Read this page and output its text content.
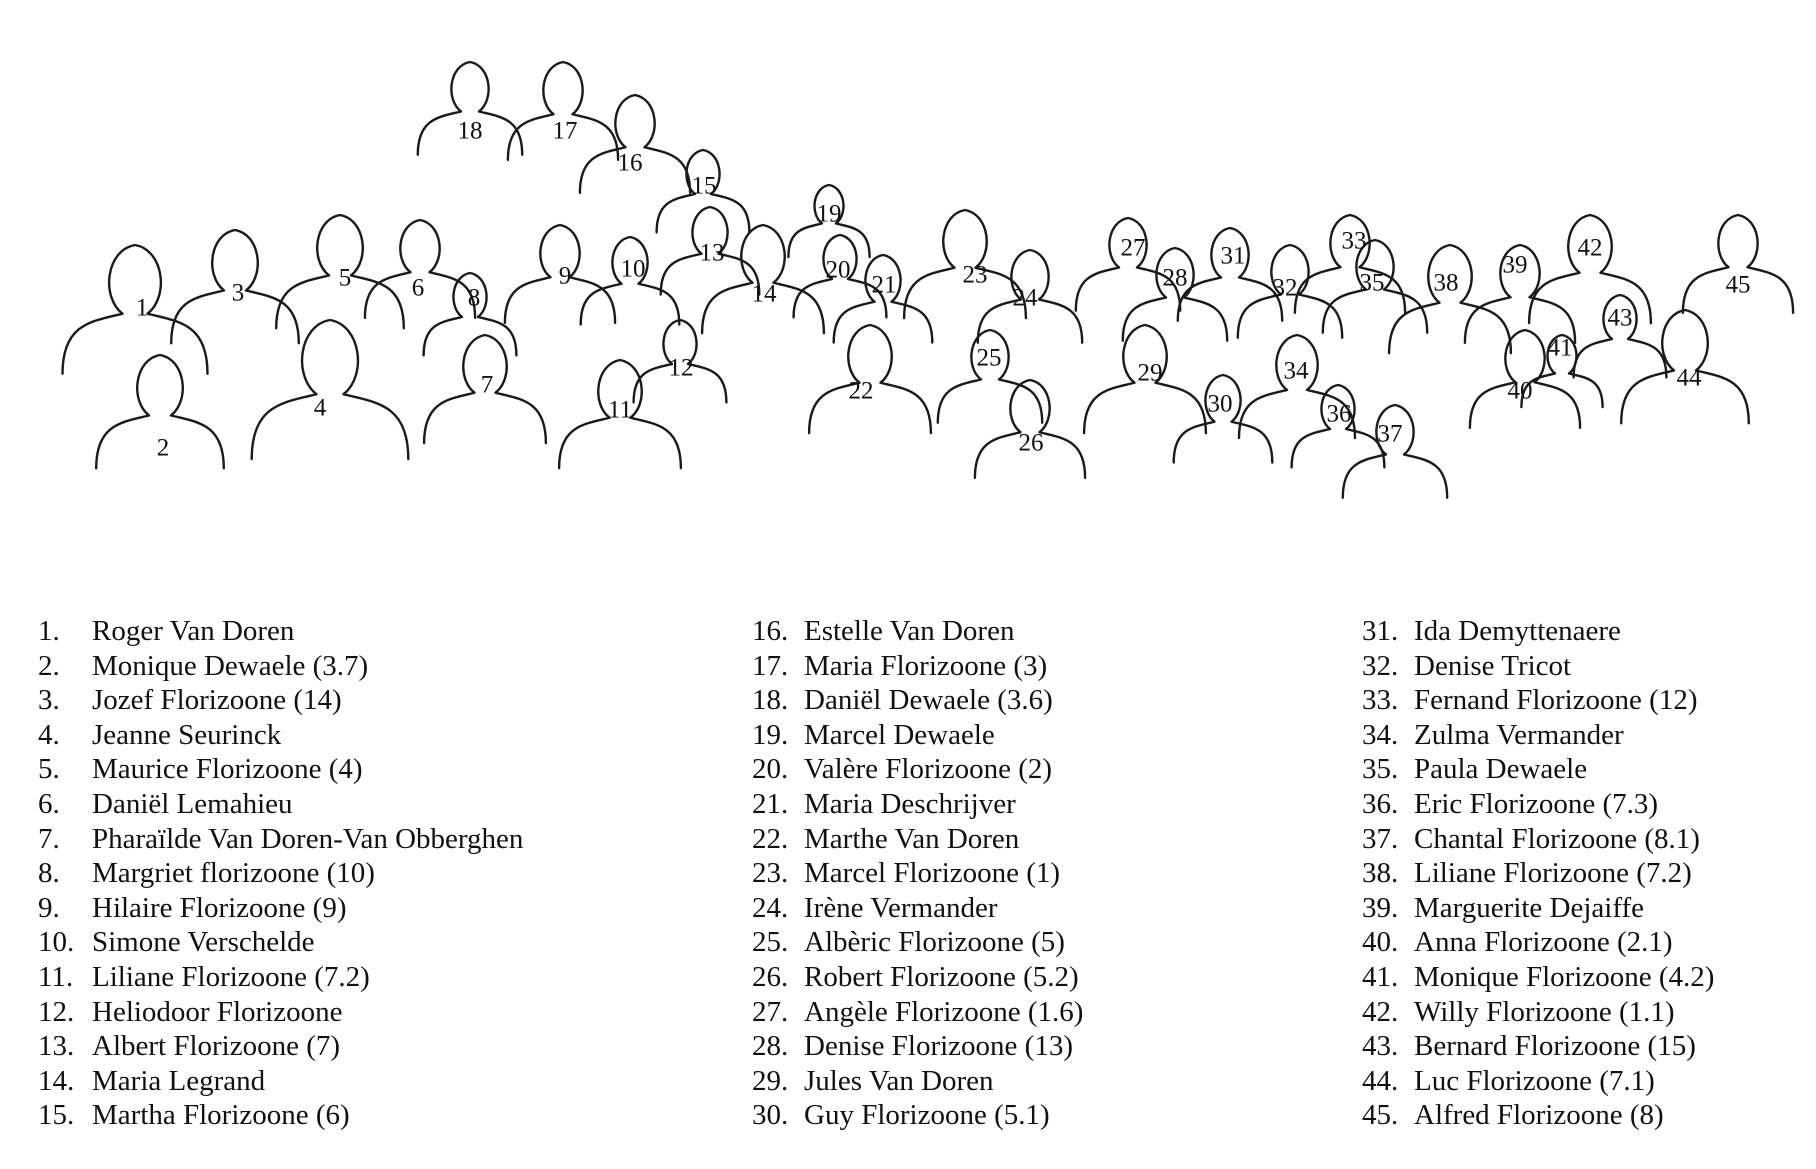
1
2
3
4
5 6
7
8
9 10
11
12
13
14
15
16
17
18
19
20
21
22
23
24
25
26
27
28
29
30
31
32
33
34
35
36
37
38
39
40
41
42
43
44
45
1.	Roger Van Doren
2.	Monique Dewaele (3.7)
3.	Jozef Florizoone (14)
4.	Jeanne Seurinck
5.	Maurice Florizoone (4)
6.	Daniël Lemahieu
7.	Pharaïlde Van Doren-Van Obberghen
8.	Margriet florizoone (10)
9.	Hilaire Florizoone (9)
10. Simone Verschelde
11. Liliane Florizoone (7.2)
12. Heliodoor Florizoone
13. Albert Florizoone (7)
14. Maria Legrand
15. Martha Florizoone (6)
16. Estelle Van Doren
17. Maria Florizoone (3)
18. Daniël Dewaele (3.6)
19. Marcel Dewaele
20. Valère Florizoone (2)
21. Maria Deschrijver
22. Marthe Van Doren
23. Marcel Florizoone (1)
24. Irène Vermander
25. Albèric Florizoone (5)
26. Robert Florizoone (5.2)
27. Angèle Florizoone (1.6)
28. Denise Florizoone (13)
29. Jules Van Doren
30. Guy Florizoone (5.1)
31. Ida Demyttenaere
32. Denise Tricot
33. Fernand Florizoone (12)
34. Zulma Vermander
35. Paula Dewaele
36. Eric Florizoone (7.3)
37. Chantal Florizoone (8.1)
38. Liliane Florizoone (7.2)
39. Marguerite Dejaiffe
40. Anna Florizoone (2.1)
41. Monique Florizoone (4.2)
42. Willy Florizoone (1.1)
43. Bernard Florizoone (15)
44. Luc Florizoone (7.1)
45. Alfred Florizoone (8)
